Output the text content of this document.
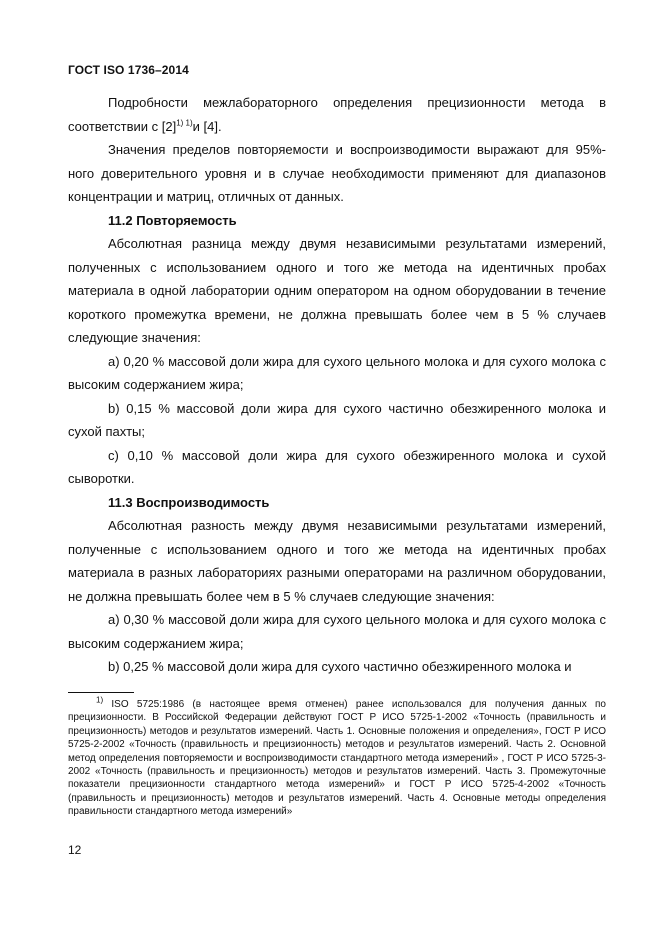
ГОСТ ISO 1736–2014

Подробности межлабораторного определения прецизионности метода в соответствии с $[2]^{1) 1)}и$ [4].

Значения пределов повторяемости и воспроизводимости выражают для 95%-ного доверительного уровня и в случае необходимости применяют для диапазонов концентрации и матриц, отличных от данных.

11.2 Повторяемость

Абсолютная разница между двумя независимыми результатами измерений, полученных с использованием одного и того же метода на идентичных пробах материала в одной лаборатории одним оператором на одном оборудовании в течение короткого промежутка времени, не должна превышать более чем в 5 % случаев следующие значения:

а) 0,20 % массовой доли жира для сухого цельного молока и для сухого молока с высоким содержанием жира;

b) 0,15 % массовой доли жира для сухого частично обезжиренного молока и сухой пахты;

c) 0,10 % массовой доли жира для сухого обезжиренного молока и сухой сыворотки.

11.3 Воспроизводимость

Абсолютная разность между двумя независимыми результатами измерений, полученные с использованием одного и того же метода на идентичных пробах материала в разных лабораториях разными операторами на различном оборудовании, не должна превышать более чем в 5 % случаев следующие значения:

а) 0,30 % массовой доли жира для сухого цельного молока и для сухого молока с высоким содержанием жира;

b) 0,25 % массовой доли жира для сухого частично обезжиренного молока и

$^{1)}$ ISO 5725:1986 (в настоящее время отменен) ранее использовался для получения данных по прецизионности. В Российской Федерации действуют ГОСТ Р ИСО 5725-1-2002 «Точность (правильность и прецизионность) методов и результатов измерений. Часть 1. Основные положения и определения», ГОСТ Р ИСО 5725-2-2002 «Точность (правильность и прецизионность) методов и результатов измерений. Часть 2. Основной метод определения повторяемости и воспроизводимости стандартного метода измерений» , ГОСТ Р ИСО 5725-3-2002 «Точность (правильность и прецизионность) методов и результатов измерений. Часть 3. Промежуточные показатели прецизионности стандартного метода измерений» и ГОСТ Р ИСО 5725-4-2002 «Точность (правильность и прецизионность) методов и результатов измерений. Часть 4. Основные методы определения правильности стандартного метода измерений»

12
